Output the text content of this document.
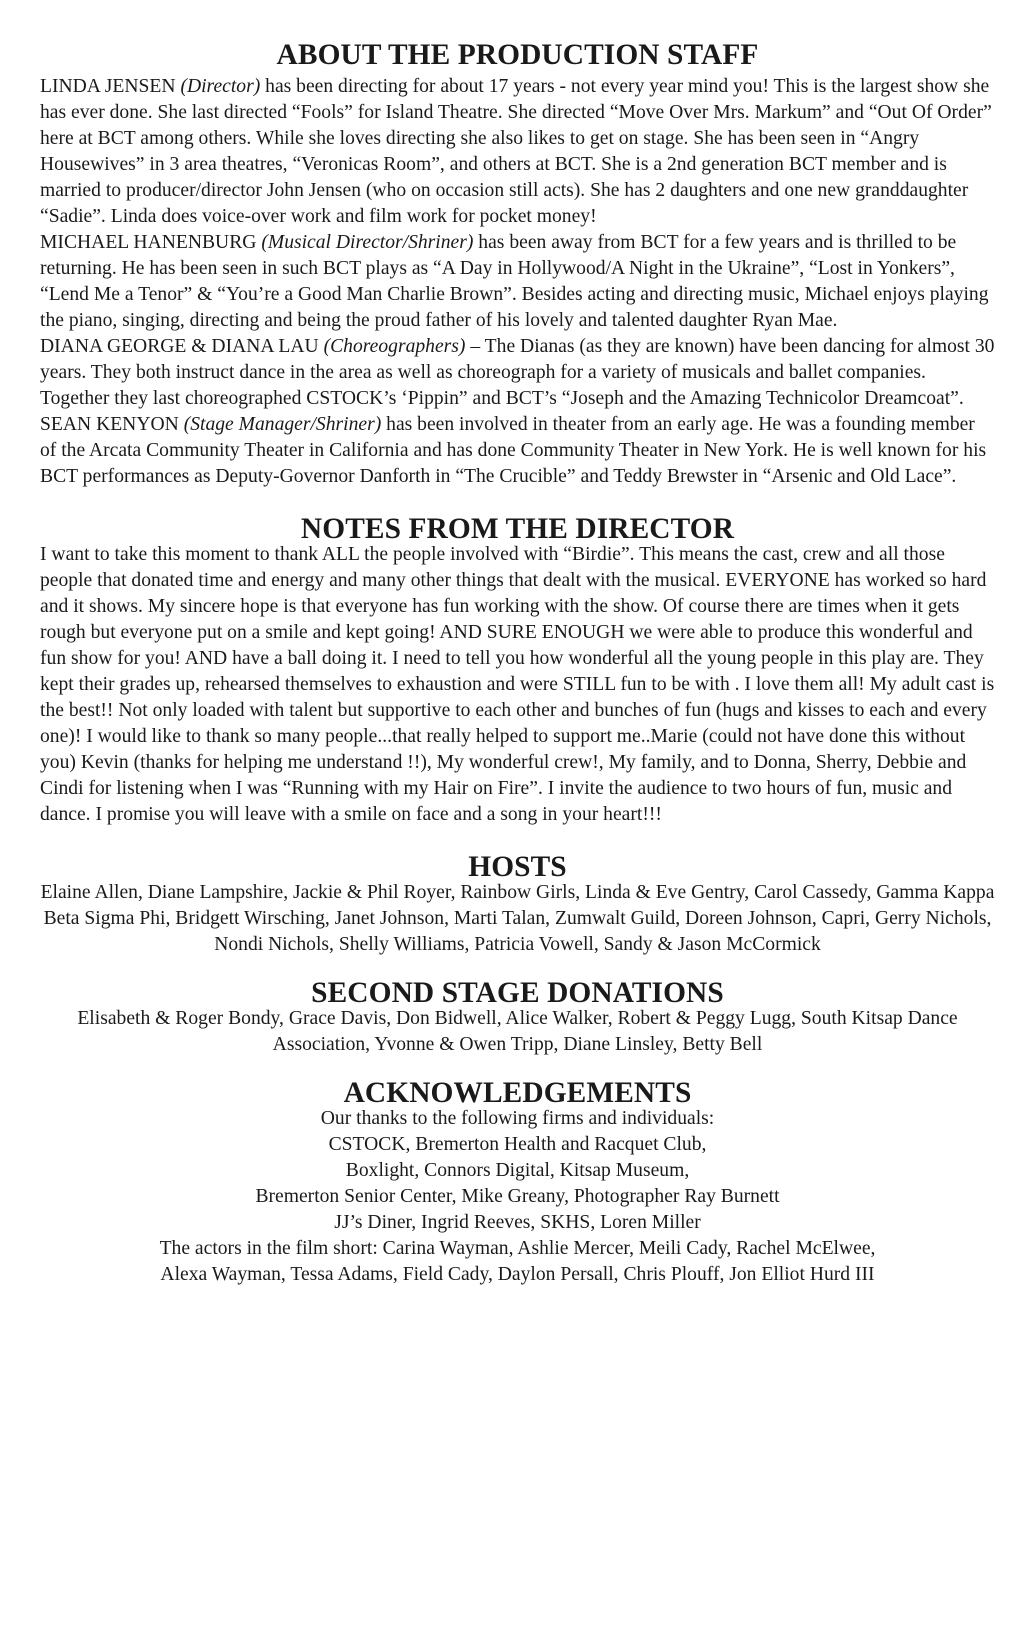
ABOUT THE PRODUCTION STAFF

LINDA JENSEN (Director) has been directing for about 17 years - not every year mind you! This is the largest show she has ever done. She last directed “Fools” for Island Theatre. She directed “Move Over Mrs. Markum” and “Out Of Order” here at BCT among others. While she loves directing she also likes to get on stage. She has been seen in “Angry Housewives” in 3 area theatres, “Veronicas Room”, and others at BCT. She is a 2nd generation BCT member and is married to producer/director John Jensen (who on occasion still acts). She has 2 daughters and one new granddaughter “Sadie”. Linda does voice-over work and film work for pocket money!

MICHAEL HANENBURG (Musical Director/Shriner) has been away from BCT for a few years and is thrilled to be returning. He has been seen in such BCT plays as “A Day in Hollywood/A Night in the Ukraine”, “Lost in Yonkers”, “Lend Me a Tenor” & “You’re a Good Man Charlie Brown”. Besides acting and directing music, Michael enjoys playing the piano, singing, directing and being the proud father of his lovely and talented daughter Ryan Mae.

DIANA GEORGE & DIANA LAU (Choreographers) – The Dianas (as they are known) have been dancing for almost 30 years. They both instruct dance in the area as well as choreograph for a variety of musicals and ballet companies. Together they last choreographed CSTOCK’s ‘Pippin” and BCT’s “Joseph and the Amazing Technicolor Dreamcoat”.

SEAN KENYON (Stage Manager/Shriner) has been involved in theater from an early age. He was a founding member of the Arcata Community Theater in California and has done Community Theater in New York. He is well known for his BCT performances as Deputy-Governor Danforth in “The Crucible” and Teddy Brewster in “Arsenic and Old Lace”.

NOTES FROM THE DIRECTOR

I want to take this moment to thank ALL the people involved with “Birdie”. This means the cast, crew and all those people that donated time and energy and many other things that dealt with the musical. EVERYONE has worked so hard and it shows. My sincere hope is that everyone has fun working with the show. Of course there are times when it gets rough but everyone put on a smile and kept going! AND SURE ENOUGH we were able to produce this wonderful and fun show for you! AND have a ball doing it. I need to tell you how wonderful all the young people in this play are. They kept their grades up, rehearsed themselves to exhaustion and were STILL fun to be with . I love them all! My adult cast is the best!! Not only loaded with talent but supportive to each other and bunches of fun (hugs and kisses to each and every one)! I would like to thank so many people...that really helped to support me..Marie (could not have done this without you) Kevin (thanks for helping me understand !!), My wonderful crew!, My family, and to Donna, Sherry, Debbie and Cindi for listening when I was “Running with my Hair on Fire”. I invite the audience to two hours of fun, music and dance. I promise you will leave with a smile on face and a song in your heart!!!

HOSTS

Elaine Allen, Diane Lampshire, Jackie & Phil Royer, Rainbow Girls, Linda & Eve Gentry, Carol Cassedy, Gamma Kappa Beta Sigma Phi, Bridgett Wirsching, Janet Johnson, Marti Talan, Zumwalt Guild, Doreen Johnson, Capri, Gerry Nichols, Nondi Nichols, Shelly Williams, Patricia Vowell, Sandy & Jason McCormick

SECOND STAGE DONATIONS

Elisabeth & Roger Bondy, Grace Davis, Don Bidwell, Alice Walker, Robert & Peggy Lugg, South Kitsap Dance Association, Yvonne & Owen Tripp, Diane Linsley, Betty Bell

ACKNOWLEDGEMENTS
Our thanks to the following firms and individuals:
CSTOCK, Bremerton Health and Racquet Club,
Boxlight, Connors Digital, Kitsap Museum,
Bremerton Senior Center, Mike Greany, Photographer Ray Burnett
JJ’s Diner, Ingrid Reeves, SKHS, Loren Miller
The actors in the film short: Carina Wayman, Ashlie Mercer, Meili Cady, Rachel McElwee,
Alexa Wayman, Tessa Adams, Field Cady, Daylon Persall, Chris Plouff, Jon Elliot Hurd III
